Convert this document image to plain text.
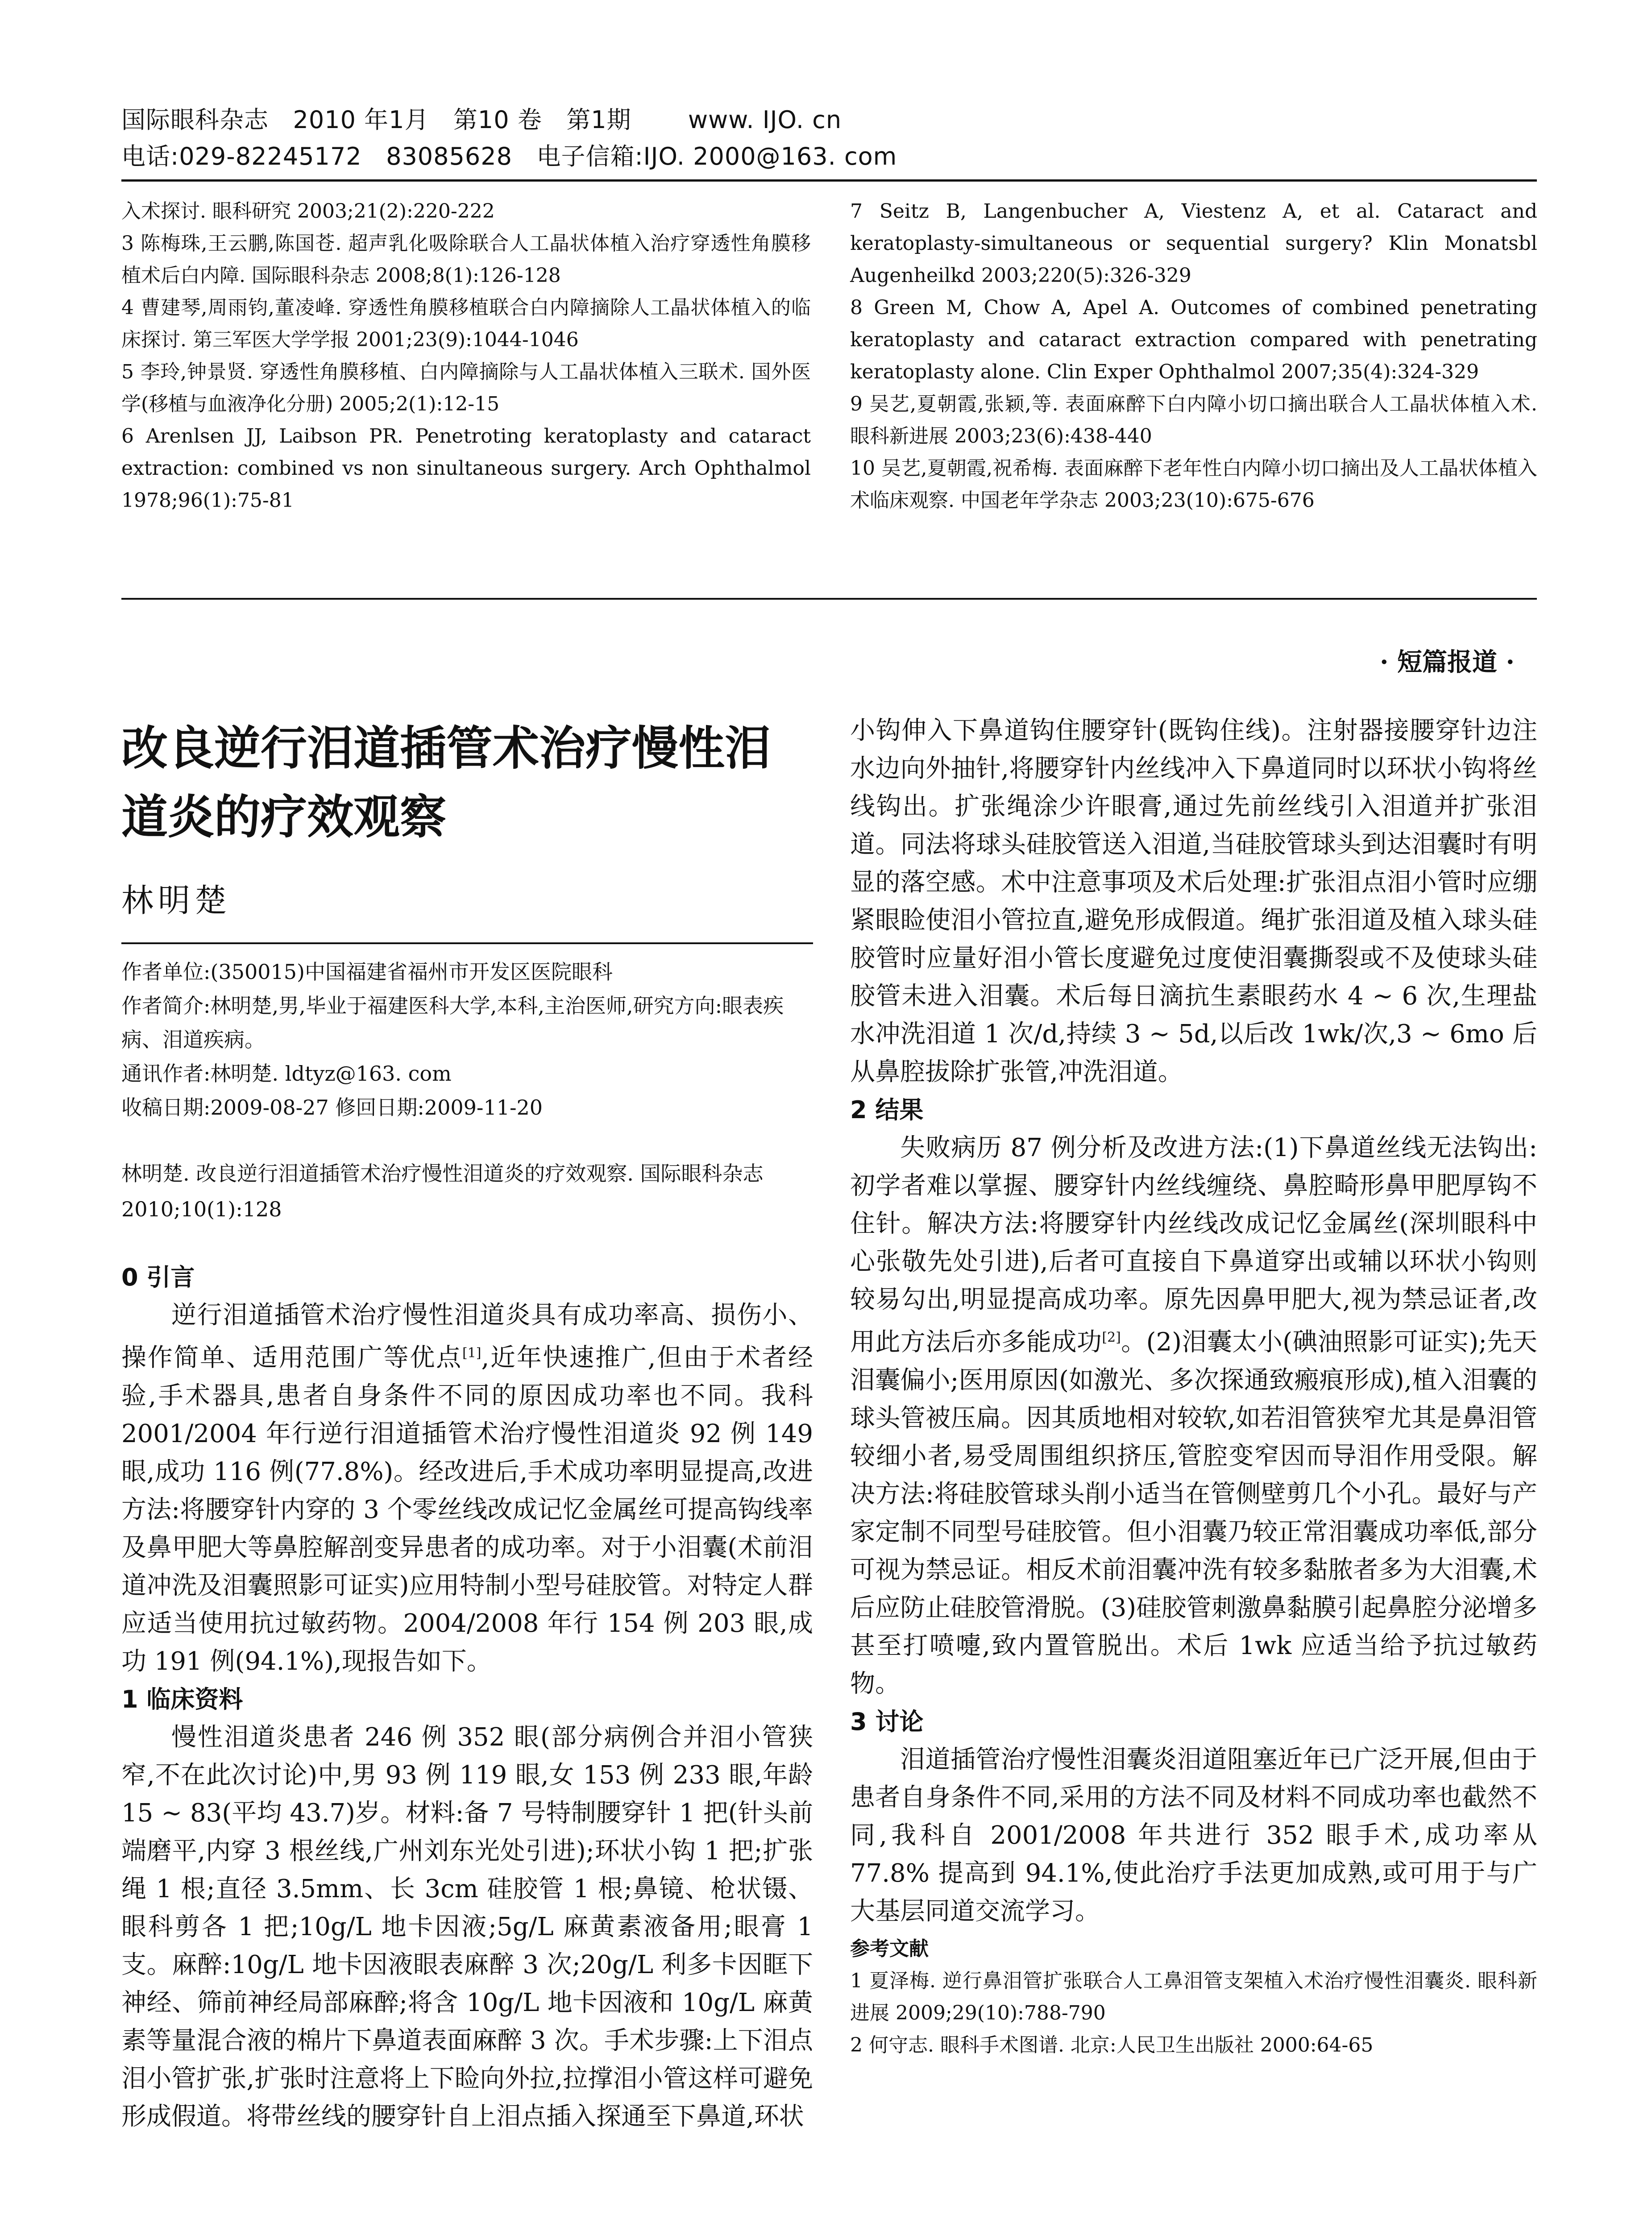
国际眼科杂志   2010 年1月   第10 卷   第1期       www. IJO. cn
电话:029-82245172   83085628   电子信箱:IJO. 2000@163. com

入术探讨. 眼科研究 2003;21(2):220-222

3 陈梅珠,王云鹏,陈国苍. 超声乳化吸除联合人工晶状体植入治疗穿透性角膜移植术后白内障. 国际眼科杂志 2008;8(1):126-128

4 曹建琴,周雨钧,董凌峰. 穿透性角膜移植联合白内障摘除人工晶状体植入的临床探讨. 第三军医大学学报 2001;23(9):1044-1046

5 李玲,钟景贤. 穿透性角膜移植、白内障摘除与人工晶状体植入三联术. 国外医学(移植与血液净化分册) 2005;2(1):12-15

6 Arenlsen JJ, Laibson PR. Penetroting keratoplasty and cataract extraction: combined vs non sinultaneous surgery. Arch Ophthalmol 1978;96(1):75-81

7 Seitz B, Langenbucher A, Viestenz A, et al. Cataract and keratoplasty-simultaneous or sequential surgery? Klin Monatsbl Augenheilkd 2003;220(5):326-329

8 Green M, Chow A, Apel A. Outcomes of combined penetrating keratoplasty and cataract extraction compared with penetrating keratoplasty alone. Clin Exper Ophthalmol 2007;35(4):324-329

9 吴艺,夏朝霞,张颖,等. 表面麻醉下白内障小切口摘出联合人工晶状体植入术. 眼科新进展 2003;23(6):438-440

10 吴艺,夏朝霞,祝希梅. 表面麻醉下老年性白内障小切口摘出及人工晶状体植入术临床观察. 中国老年学杂志 2003;23(10):675-676

· 短篇报道 ·
改良逆行泪道插管术治疗慢性泪道炎的疗效观察
林明楚

作者单位:(350015)中国福建省福州市开发区医院眼科

作者简介:林明楚,男,毕业于福建医科大学,本科,主治医师,研究方向:眼表疾病、泪道疾病。

通讯作者:林明楚. ldtyz@163. com

收稿日期:2009-08-27 修回日期:2009-11-20

林明楚. 改良逆行泪道插管术治疗慢性泪道炎的疗效观察. 国际眼科杂志 2010;10(1):128
0 引言

逆行泪道插管术治疗慢性泪道炎具有成功率高、损伤小、操作简单、适用范围广等优点[1],近年快速推广,但由于术者经验,手术器具,患者自身条件不同的原因成功率也不同。我科 2001/2004 年行逆行泪道插管术治疗慢性泪道炎 92 例 149 眼,成功 116 例(77.8%)。经改进后,手术成功率明显提高,改进方法:将腰穿针内穿的 3 个零丝线改成记忆金属丝可提高钩线率及鼻甲肥大等鼻腔解剖变异患者的成功率。对于小泪囊(术前泪道冲洗及泪囊照影可证实)应用特制小型号硅胶管。对特定人群应适当使用抗过敏药物。2004/2008 年行 154 例 203 眼,成功 191 例(94.1%),现报告如下。

1 临床资料

慢性泪道炎患者 246 例 352 眼(部分病例合并泪小管狭窄,不在此次讨论)中,男 93 例 119 眼,女 153 例 233 眼,年龄 15 ~ 83(平均 43.7)岁。材料:备 7 号特制腰穿针 1 把(针头前端磨平,内穿 3 根丝线,广州刘东光处引进);环状小钩 1 把;扩张绳 1 根;直径 3.5mm、长 3cm 硅胶管 1 根;鼻镜、枪状镊、眼科剪各 1 把;10g/L 地卡因液;5g/L 麻黄素液备用;眼膏 1 支。麻醉:10g/L 地卡因液眼表麻醉 3 次;20g/L 利多卡因眶下神经、筛前神经局部麻醉;将含 10g/L 地卡因液和 10g/L 麻黄素等量混合液的棉片下鼻道表面麻醉 3 次。手术步骤:上下泪点泪小管扩张,扩张时注意将上下睑向外拉,拉撑泪小管这样可避免形成假道。将带丝线的腰穿针自上泪点插入探通至下鼻道,环状

小钩伸入下鼻道钩住腰穿针(既钩住线)。注射器接腰穿针边注水边向外抽针,将腰穿针内丝线冲入下鼻道同时以环状小钩将丝线钩出。扩张绳涂少许眼膏,通过先前丝线引入泪道并扩张泪道。同法将球头硅胶管送入泪道,当硅胶管球头到达泪囊时有明显的落空感。术中注意事项及术后处理:扩张泪点泪小管时应绷紧眼睑使泪小管拉直,避免形成假道。绳扩张泪道及植入球头硅胶管时应量好泪小管长度避免过度使泪囊撕裂或不及使球头硅胶管未进入泪囊。术后每日滴抗生素眼药水 4 ~ 6 次,生理盐水冲洗泪道 1 次/d,持续 3 ~ 5d,以后改 1wk/次,3 ~ 6mo 后从鼻腔拔除扩张管,冲洗泪道。

2 结果

失败病历 87 例分析及改进方法:(1)下鼻道丝线无法钩出:初学者难以掌握、腰穿针内丝线缠绕、鼻腔畸形鼻甲肥厚钩不住针。解决方法:将腰穿针内丝线改成记忆金属丝(深圳眼科中心张敬先处引进),后者可直接自下鼻道穿出或辅以环状小钩则较易勾出,明显提高成功率。原先因鼻甲肥大,视为禁忌证者,改用此方法后亦多能成功[2]。(2)泪囊太小(碘油照影可证实);先天泪囊偏小;医用原因(如激光、多次探通致瘢痕形成),植入泪囊的球头管被压扁。因其质地相对较软,如若泪管狭窄尤其是鼻泪管较细小者,易受周围组织挤压,管腔变窄因而导泪作用受限。解决方法:将硅胶管球头削小适当在管侧壁剪几个小孔。最好与产家定制不同型号硅胶管。但小泪囊乃较正常泪囊成功率低,部分可视为禁忌证。相反术前泪囊冲洗有较多黏脓者多为大泪囊,术后应防止硅胶管滑脱。(3)硅胶管刺激鼻黏膜引起鼻腔分泌增多甚至打喷嚏,致内置管脱出。术后 1wk 应适当给予抗过敏药物。

3 讨论

泪道插管治疗慢性泪囊炎泪道阻塞近年已广泛开展,但由于患者自身条件不同,采用的方法不同及材料不同成功率也截然不同,我科自 2001/2008 年共进行 352 眼手术,成功率从 77.8% 提高到 94.1%,使此治疗手法更加成熟,或可用于与广大基层同道交流学习。

参考文献

1 夏泽梅. 逆行鼻泪管扩张联合人工鼻泪管支架植入术治疗慢性泪囊炎. 眼科新进展 2009;29(10):788-790

2 何守志. 眼科手术图谱. 北京:人民卫生出版社 2000:64-65
